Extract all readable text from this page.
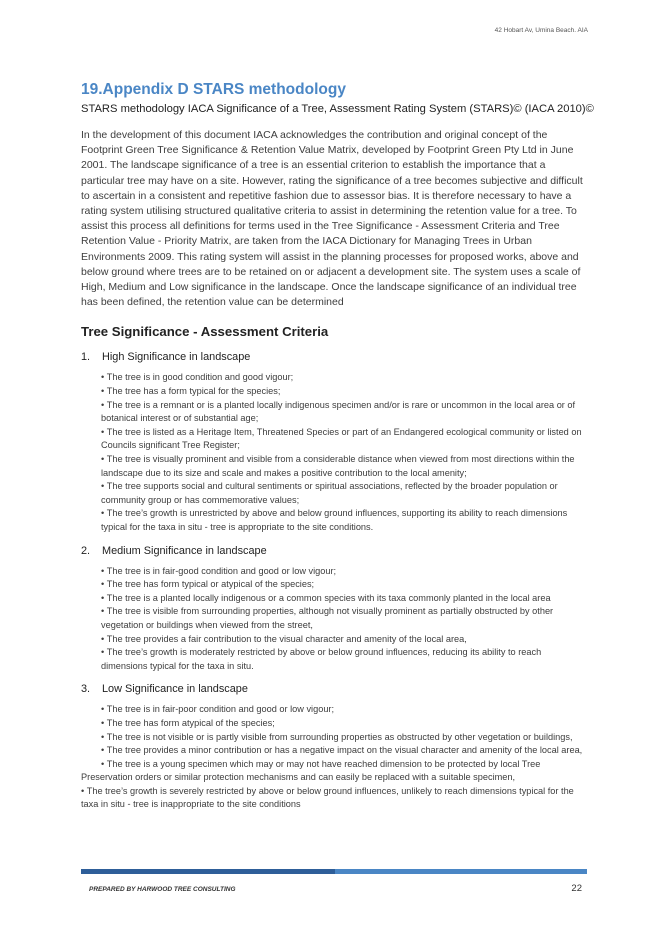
42 Hobart Av, Umina Beach. AIA
19.Appendix D STARS methodology
STARS methodology IACA Significance of a Tree, Assessment Rating System (STARS)© (IACA 2010)©

In the development of this document IACA acknowledges the contribution and original concept of the Footprint Green Tree Significance & Retention Value Matrix, developed by Footprint Green Pty Ltd in June 2001. The landscape significance of a tree is an essential criterion to establish the importance that a particular tree may have on a site. However, rating the significance of a tree becomes subjective and difficult to ascertain in a consistent and repetitive fashion due to assessor bias. It is therefore necessary to have a rating system utilising structured qualitative criteria to assist in determining the retention value for a tree. To assist this process all definitions for terms used in the Tree Significance - Assessment Criteria and Tree Retention Value - Priority Matrix, are taken from the IACA Dictionary for Managing Trees in Urban Environments 2009. This rating system will assist in the planning processes for proposed works, above and below ground where trees are to be retained on or adjacent a development site. The system uses a scale of High, Medium and Low significance in the landscape. Once the landscape significance of an individual tree has been defined, the retention value can be determined

Tree Significance - Assessment Criteria
1.	High Significance in landscape
• The tree is in good condition and good vigour;
• The tree has a form typical for the species;
• The tree is a remnant or is a planted locally indigenous specimen and/or is rare or uncommon in the local area or of botanical interest or of substantial age;
• The tree is listed as a Heritage Item, Threatened Species or part of an Endangered ecological community or listed on Councils significant Tree Register;
• The tree is visually prominent and visible from a considerable distance when viewed from most directions within the landscape due to its size and scale and makes a positive contribution to the local amenity;
• The tree supports social and cultural sentiments or spiritual associations, reflected by the broader population or community group or has commemorative values;
• The tree’s growth is unrestricted by above and below ground influences, supporting its ability to reach dimensions typical for the taxa in situ - tree is appropriate to the site conditions.
2.	Medium Significance in landscape
• The tree is in fair-good condition and good or low vigour;
• The tree has form typical or atypical of the species;
• The tree is a planted locally indigenous or a common species with its taxa commonly planted in the local area
• The tree is visible from surrounding properties, although not visually prominent as partially obstructed by other vegetation or buildings when viewed from the street,
• The tree provides a fair contribution to the visual character and amenity of the local area,
• The tree’s growth is moderately restricted by above or below ground influences, reducing its ability to reach dimensions typical for the taxa in situ.
3.	Low Significance in landscape
• The tree is in fair-poor condition and good or low vigour;
• The tree has form atypical of the species;
• The tree is not visible or is partly visible from surrounding properties as obstructed by other vegetation or buildings,
• The tree provides a minor contribution or has a negative impact on the visual character and amenity of the local area,
• The tree is a young specimen which may or may not have reached dimension to be protected by local Tree Preservation orders or similar protection mechanisms and can easily be replaced with a suitable specimen,
• The tree’s growth is severely restricted by above or below ground influences, unlikely to reach dimensions typical for the taxa in situ - tree is inappropriate to the site conditions
PREPARED BY HARWOOD TREE CONSULTING	22
